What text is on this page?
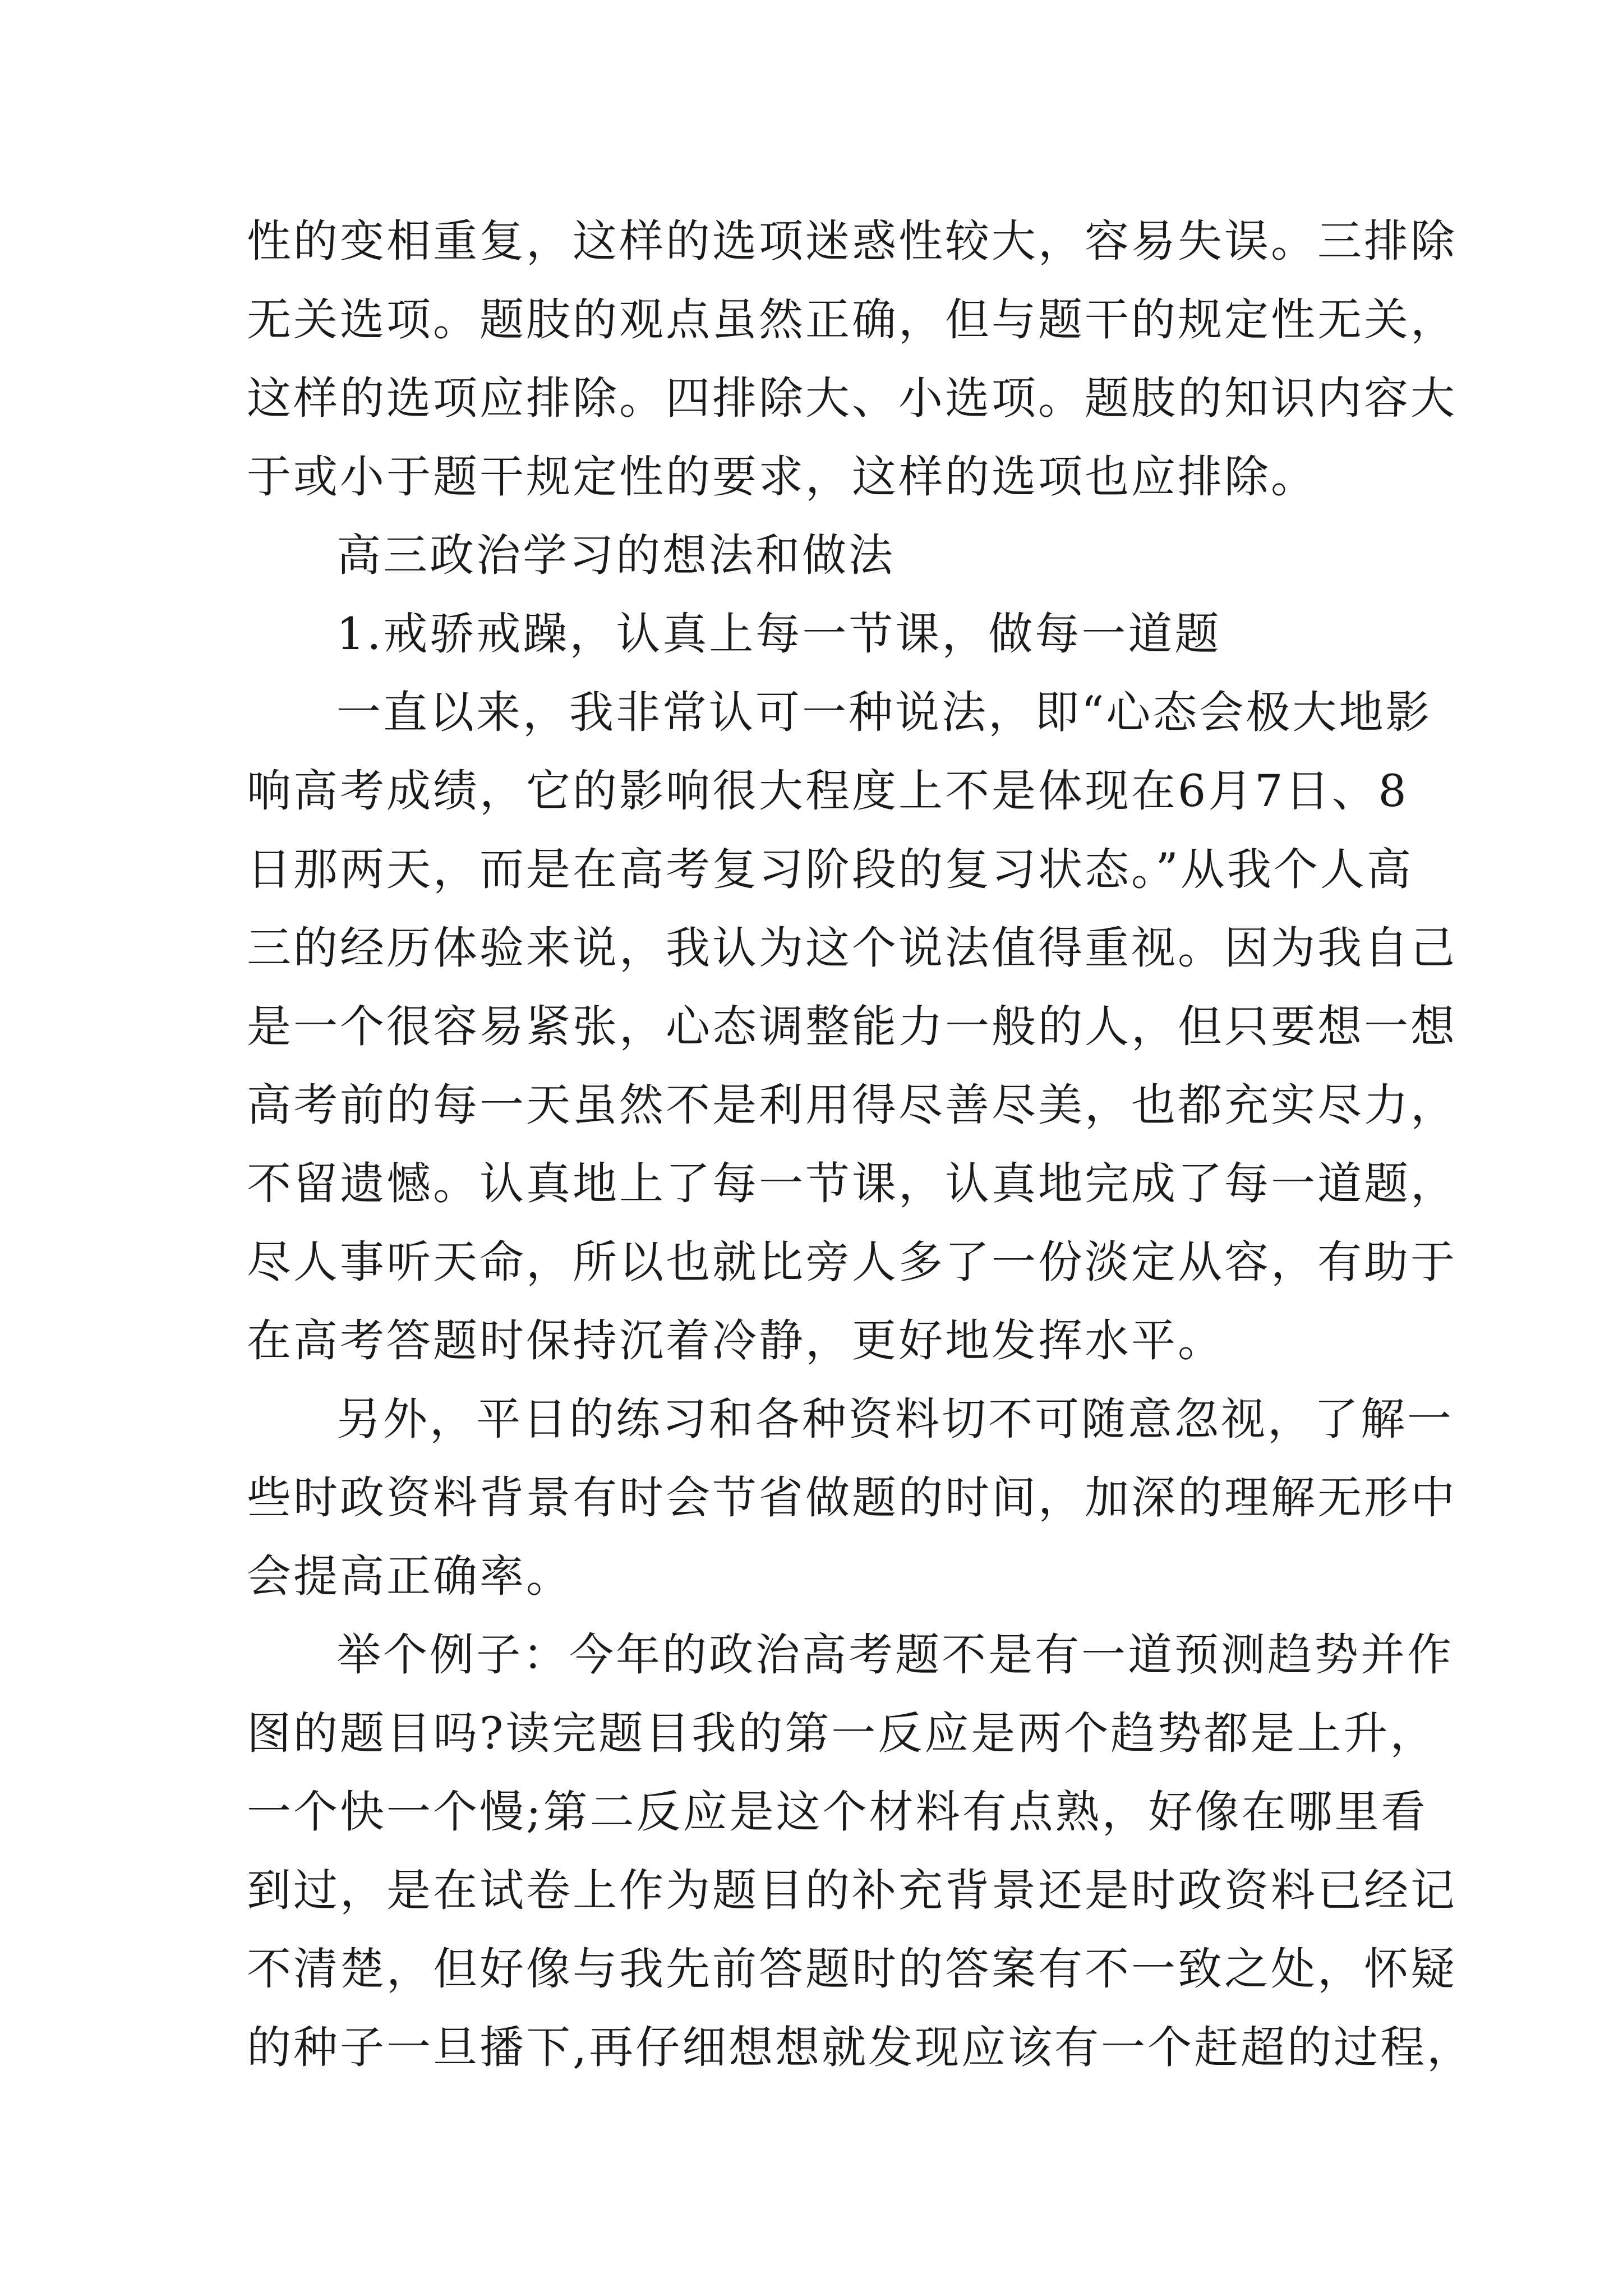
性的变相重复，这样的选项迷惑性较大，容易失误。三排除
无关选项。题肢的观点虽然正确，但与题干的规定性无关，
这样的选项应排除。四排除大、小选项。题肢的知识内容大
于或小于题干规定性的要求，这样的选项也应排除。
高三政治学习的想法和做法
1.戒骄戒躁，认真上每一节课，做每一道题
一直以来，我非常认可一种说法，即“心态会极大地影
响高考成绩，它的影响很大程度上不是体现在6月7日、8
日那两天，而是在高考复习阶段的复习状态。”从我个人高
三的经历体验来说，我认为这个说法值得重视。因为我自己
是一个很容易紧张，心态调整能力一般的人，但只要想一想
高考前的每一天虽然不是利用得尽善尽美，也都充实尽力，
不留遗憾。认真地上了每一节课，认真地完成了每一道题，
尽人事听天命，所以也就比旁人多了一份淡定从容，有助于
在高考答题时保持沉着冷静，更好地发挥水平。
另外，平日的练习和各种资料切不可随意忽视，了解一
些时政资料背景有时会节省做题的时间，加深的理解无形中
会提高正确率。
举个例子：今年的政治高考题不是有一道预测趋势并作
图的题目吗?读完题目我的第一反应是两个趋势都是上升，
一个快一个慢;第二反应是这个材料有点熟，好像在哪里看
到过，是在试卷上作为题目的补充背景还是时政资料已经记
不清楚，但好像与我先前答题时的答案有不一致之处，怀疑
的种子一旦播下,再仔细想想就发现应该有一个赶超的过程，
